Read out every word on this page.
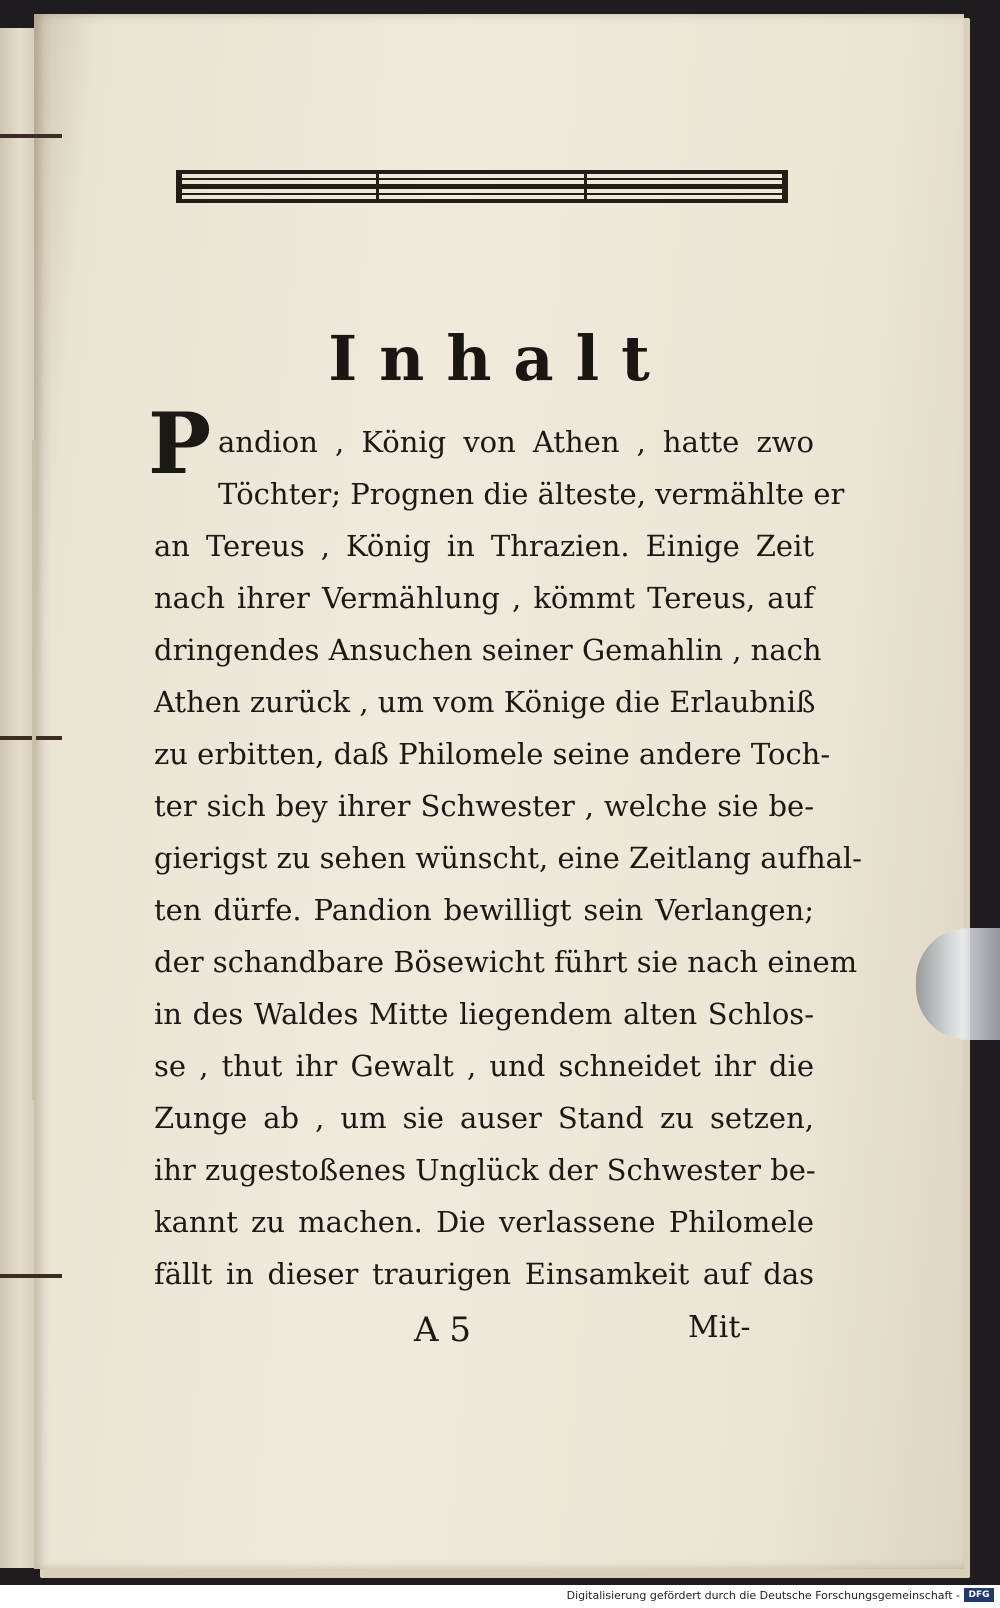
Inhalt
P andion , König von Athen , hatte zwo
Töchter; Prognen die älteste, vermählte er
an Tereus , König in Thrazien. Einige Zeit
nach ihrer Vermählung , kömmt Tereus, auf
dringendes Ansuchen seiner Gemahlin , nach
Athen zurück , um vom Könige die Erlaubniß
zu erbitten, daß Philomele seine andere Toch-
ter sich bey ihrer Schwester , welche sie be-
gierigst zu sehen wünscht, eine Zeitlang aufhal-
ten dürfe. Pandion bewilligt sein Verlangen;
der schandbare Bösewicht führt sie nach einem
in des Waldes Mitte liegendem alten Schlos-
se , thut ihr Gewalt , und schneidet ihr die
Zunge ab , um sie auser Stand zu setzen,
ihr zugestoßenes Unglück der Schwester be-
kannt zu machen. Die verlassene Philomele
fällt in dieser traurigen Einsamkeit auf das
A 5	Mit-
Digitalisierung gefördert durch die Deutsche Forschungsgemeinschaft - DFG
